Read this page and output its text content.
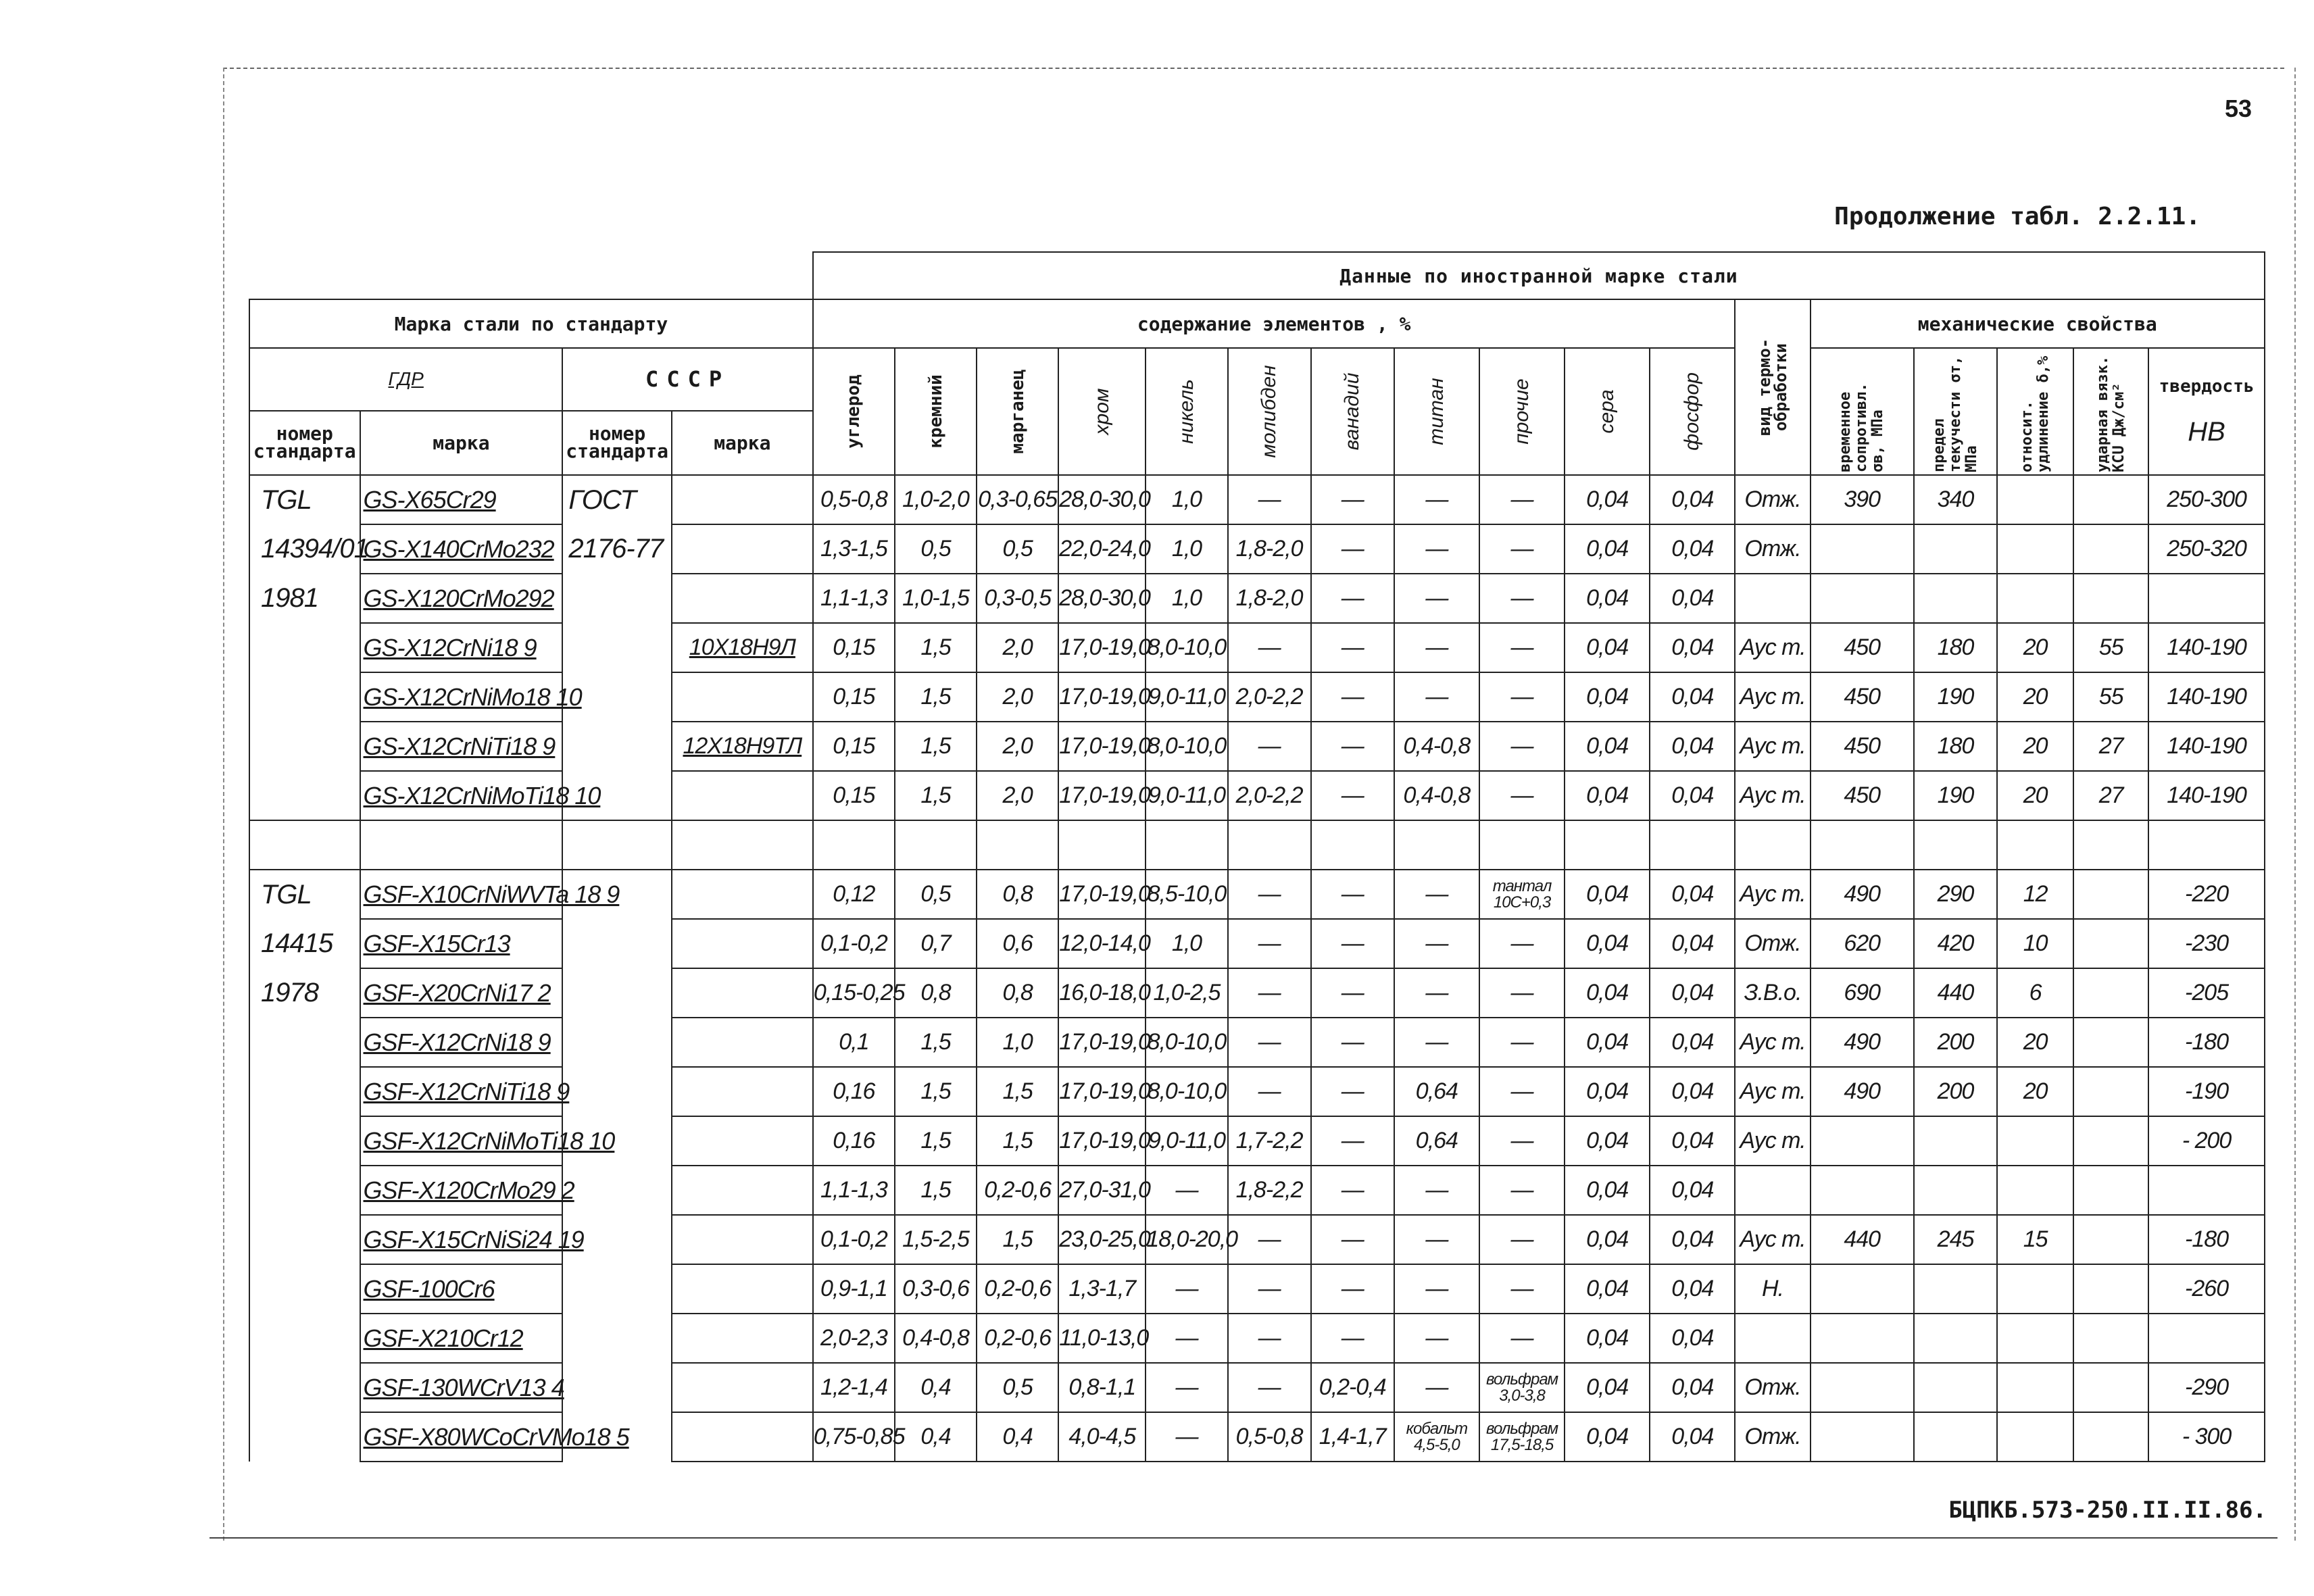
53
Продолжение табл. 2.2.11.
				Данные по иностранной марке стали																
Марка стали по стандарту				содержание элементов , %											вид термо-обработки	механические свойства				
ГДР		СССР		углерод	кремний	марганец	хром	никель	молибден	ванадий	титан	прочие	сера	фосфор		временное сопротивл. σв, МПа	предел текучести σт, МПа	относит. удлинение δ,%	ударная вязк. KCU Дж/см²	твердость
НВ

номер стандарта	марка	номер стандарта	марка																	
TGL	GS-X65Cr29	ГОСТ		0,5-0,8	1,0-2,0	0,3-0,65	28,0-30,0	1,0	—	—	—	—	0,04	0,04	Отж.	390	340			250-300
14394/01	GS-X140CrMo232	2176-77		1,3-1,5	0,5	0,5	22,0-24,0	1,0	1,8-2,0	—	—	—	0,04	0,04	Отж.					250-320
1981	GS-X120CrMo292			1,1-1,3	1,0-1,5	0,3-0,5	28,0-30,0	1,0	1,8-2,0	—	—	—	0,04	0,04						
	GS-X12CrNi18 9		10Х18Н9Л	0,15	1,5	2,0	17,0-19,0	8,0-10,0	—	—	—	—	0,04	0,04	Аус т.	450	180	20	55	140-190
	GS-X12CrNiMo18 10			0,15	1,5	2,0	17,0-19,0	9,0-11,0	2,0-2,2	—	—	—	0,04	0,04	Аус т.	450	190	20	55	140-190
	GS-X12CrNiTi18 9		12Х18Н9ТЛ	0,15	1,5	2,0	17,0-19,0	8,0-10,0	—	—	0,4-0,8	—	0,04	0,04	Аус т.	450	180	20	27	140-190
	GS-X12CrNiMoTi18 10			0,15	1,5	2,0	17,0-19,0	9,0-11,0	2,0-2,2	—	0,4-0,8	—	0,04	0,04	Аус т.	450	190	20	27	140-190

TGL	GSF-X10CrNiWVTa 18 9			0,12	0,5	0,8	17,0-19,0	8,5-10,0	—	—	—	тантал 10С+0,3	0,04	0,04	Аус т.	490	290	12		-220
14415	GSF-X15Cr13			0,1-0,2	0,7	0,6	12,0-14,0	1,0	—	—	—	—	0,04	0,04	Отж.	620	420	10		-230
1978	GSF-X20CrNi17 2			0,15-0,25	0,8	0,8	16,0-18,0	1,0-2,5	—	—	—	—	0,04	0,04	З.В.о.	690	440	6		-205
	GSF-X12CrNi18 9			0,1	1,5	1,0	17,0-19,0	8,0-10,0	—	—	—	—	0,04	0,04	Аус т.	490	200	20		-180
	GSF-X12CrNiTi18 9			0,16	1,5	1,5	17,0-19,0	8,0-10,0	—	—	0,64	—	0,04	0,04	Аус т.	490	200	20		-190
	GSF-X12CrNiMoTi18 10			0,16	1,5	1,5	17,0-19,0	9,0-11,0	1,7-2,2	—	0,64	—	0,04	0,04	Аус т.					- 200
	GSF-X120CrMo29 2			1,1-1,3	1,5	0,2-0,6	27,0-31,0	—	1,8-2,2	—	—	—	0,04	0,04						
	GSF-X15CrNiSi24 19			0,1-0,2	1,5-2,5	1,5	23,0-25,0	18,0-20,0	—	—	—	—	0,04	0,04	Аус т.	440	245	15		-180
	GSF-100Cr6			0,9-1,1	0,3-0,6	0,2-0,6	1,3-1,7	—	—	—	—	—	0,04	0,04	Н.					-260
	GSF-X210Cr12			2,0-2,3	0,4-0,8	0,2-0,6	11,0-13,0	—	—	—	—	—	0,04	0,04						
	GSF-130WCrV13 4			1,2-1,4	0,4	0,5	0,8-1,1	—	—	0,2-0,4	—	вольфрам 3,0-3,8	0,04	0,04	Отж.					-290
	GSF-X80WCoCrVMo18 5			0,75-0,85	0,4	0,4	4,0-4,5	—	0,5-0,8	1,4-1,7	кобальт 4,5-5,0	вольфрам 17,5-18,5	0,04	0,04	Отж.					- 300
БЦПКБ.573-250.II.II.86.
